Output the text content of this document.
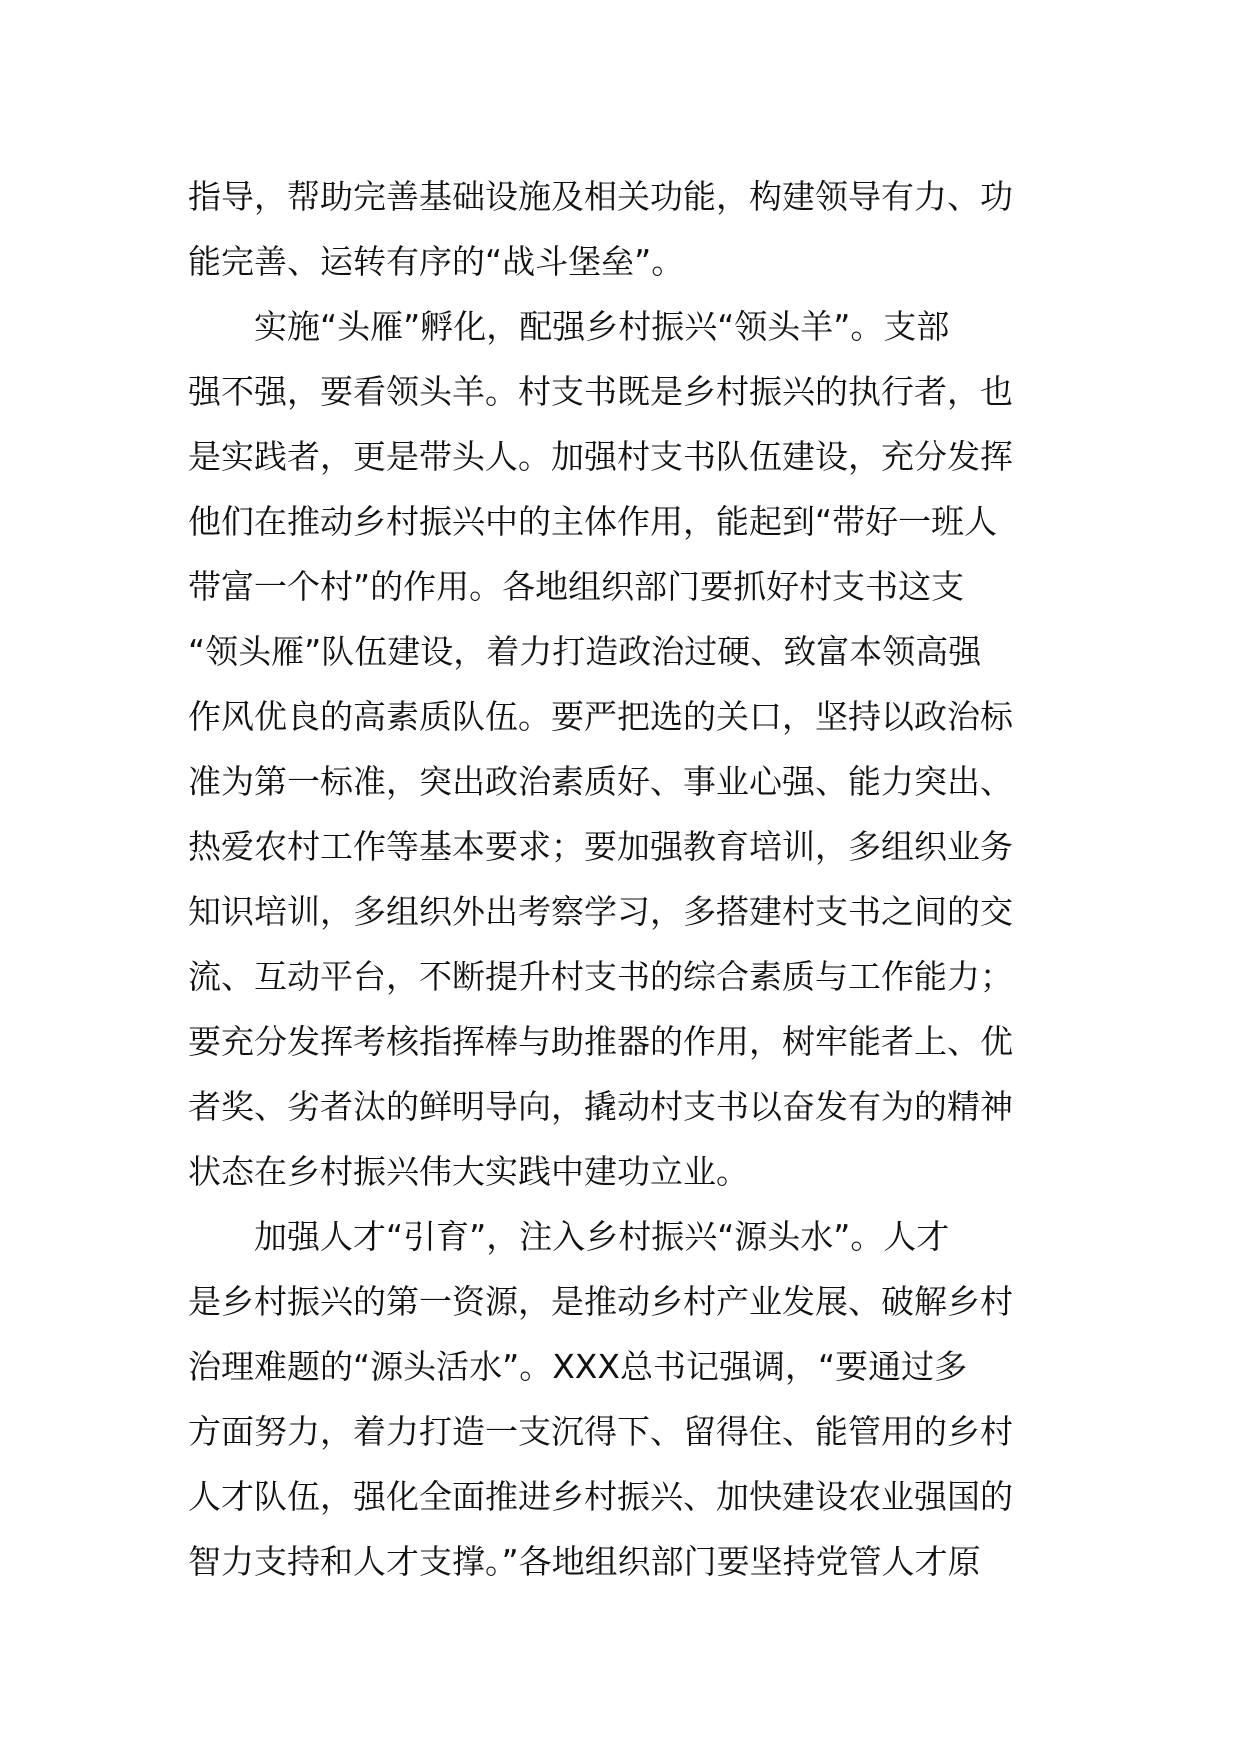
指导，帮助完善基础设施及相关功能，构建领导有力、功
能完善、运转有序的“战斗堡垒”。
　　实施“头雁”孵化，配强乡村振兴“领头羊”。支部
强不强，要看领头羊。村支书既是乡村振兴的执行者，也
是实践者，更是带头人。加强村支书队伍建设，充分发挥
他们在推动乡村振兴中的主体作用，能起到“带好一班人
带富一个村”的作用。各地组织部门要抓好村支书这支
“领头雁”队伍建设，着力打造政治过硬、致富本领高强
作风优良的高素质队伍。要严把选的关口，坚持以政治标
准为第一标准，突出政治素质好、事业心强、能力突出、
热爱农村工作等基本要求；要加强教育培训，多组织业务
知识培训，多组织外出考察学习，多搭建村支书之间的交
流、互动平台，不断提升村支书的综合素质与工作能力；
要充分发挥考核指挥棒与助推器的作用，树牢能者上、优
者奖、劣者汰的鲜明导向，撬动村支书以奋发有为的精神
状态在乡村振兴伟大实践中建功立业。
　　加强人才“引育”，注入乡村振兴“源头水”。人才
是乡村振兴的第一资源，是推动乡村产业发展、破解乡村
治理难题的“源头活水”。XXX总书记强调，“要通过多
方面努力，着力打造一支沉得下、留得住、能管用的乡村
人才队伍，强化全面推进乡村振兴、加快建设农业强国的
智力支持和人才支撑。”各地组织部门要坚持党管人才原
